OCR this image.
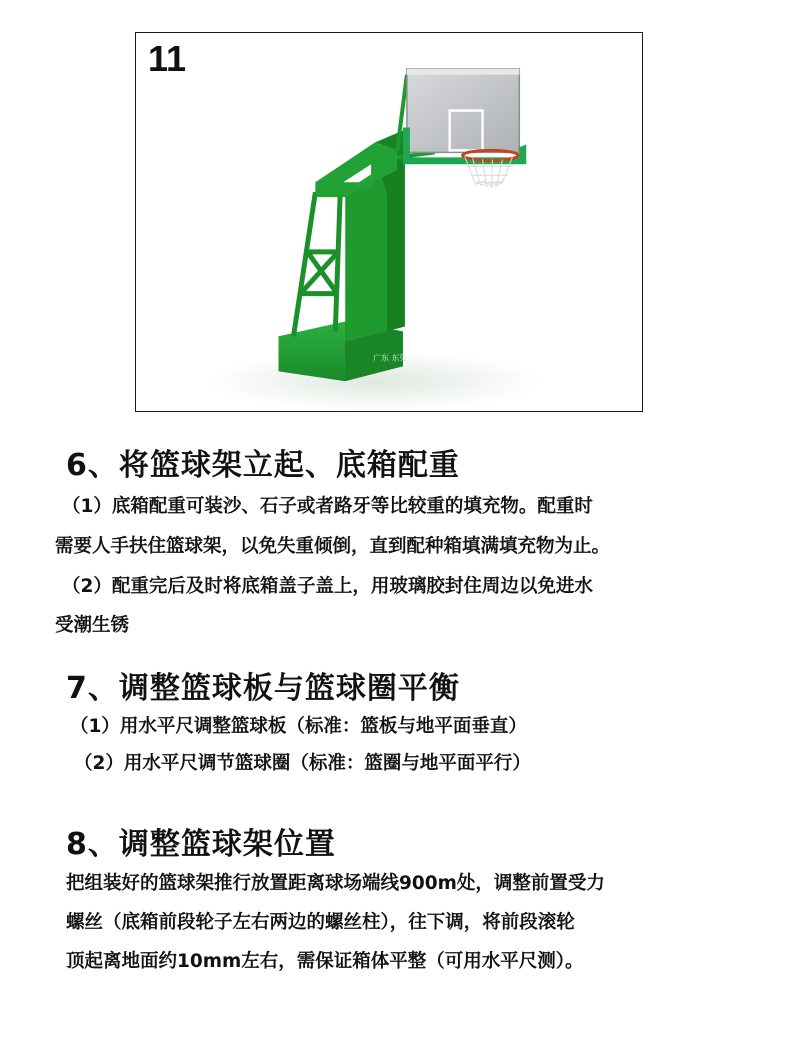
广东 东莞
11
6、将篮球架立起、底箱配重
（1）底箱配重可装沙、石子或者路牙等比较重的填充物。配重时
需要人手扶住篮球架，以免失重倾倒，直到配种箱填满填充物为止。
（2）配重完后及时将底箱盖子盖上，用玻璃胶封住周边以免进水
受潮生锈
7、调整篮球板与篮球圈平衡
（1）用水平尺调整篮球板（标准：篮板与地平面垂直）
（2）用水平尺调节篮球圈（标准：篮圈与地平面平行）
8、调整篮球架位置
把组装好的篮球架推行放置距离球场端线900m处，调整前置受力
螺丝（底箱前段轮子左右两边的螺丝柱），往下调，将前段滚轮
顶起离地面约10mm左右，需保证箱体平整（可用水平尺测）。
